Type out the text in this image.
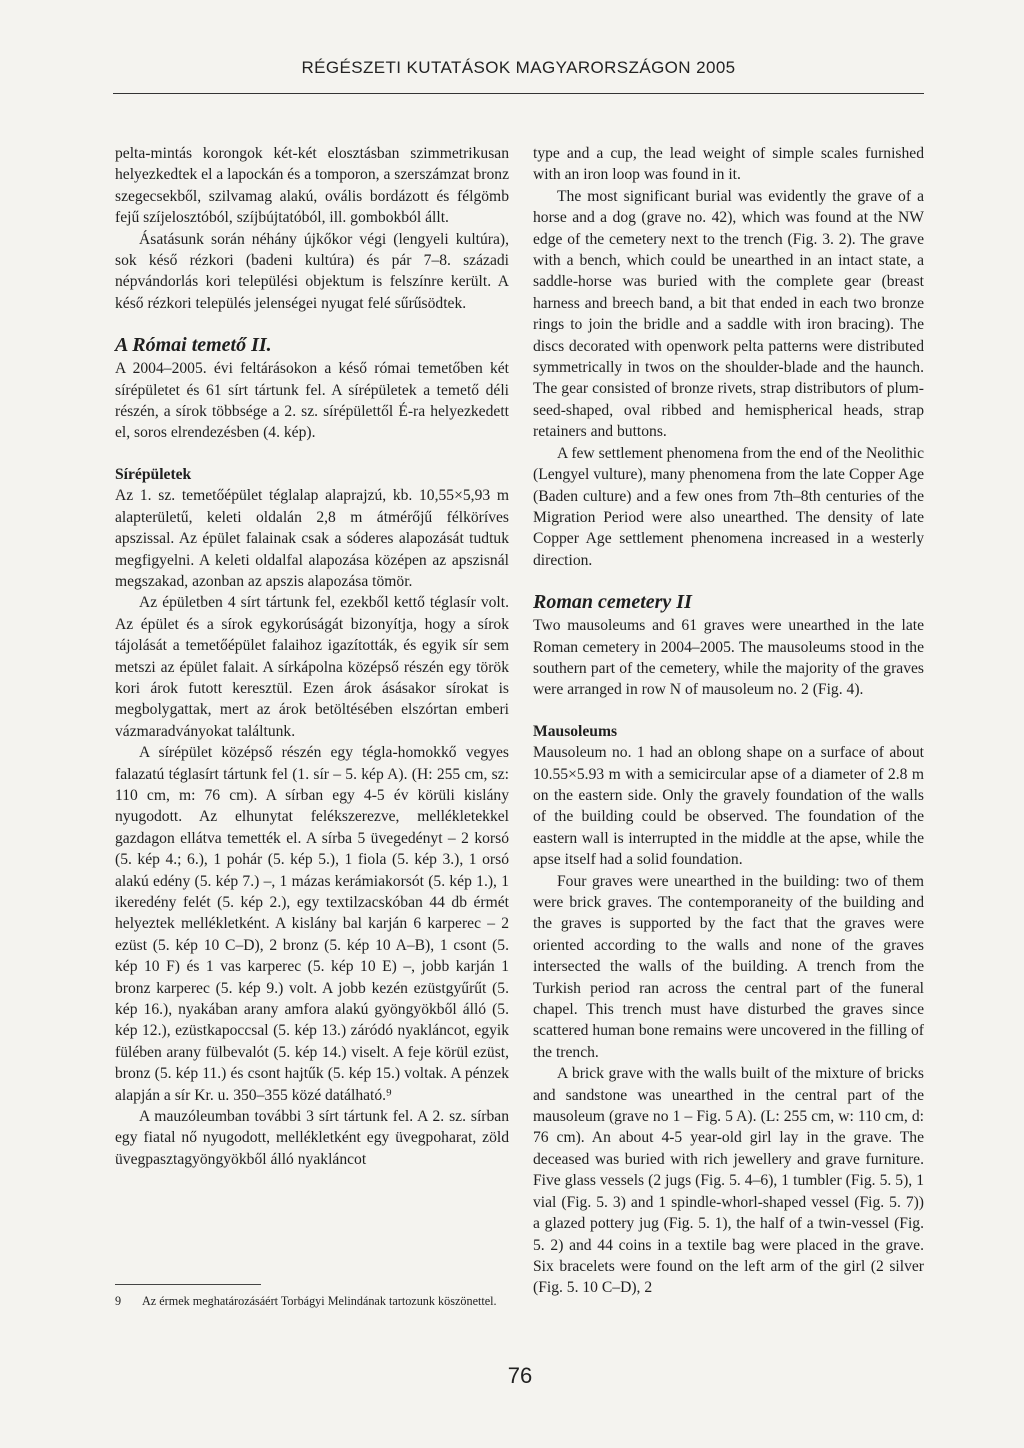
RÉGÉSZETI KUTATÁSOK MAGYARORSZÁGON 2005

pelta-mintás korongok két-két elosztásban szimmetrikusan helyezkedtek el a lapockán és a tomporon, a szerszámzat bronz szegecsekből, szilvamag alakú, ovális bordázott és félgömb fejű szíjelosztóból, szíjbújtatóból, ill. gombokból állt.

Ásatásunk során néhány újkőkor végi (lengyeli kultúra), sok késő rézkori (badeni kultúra) és pár 7–8. századi népvándorlás kori települési objektum is felszínre került. A késő rézkori település jelenségei nyugat felé sűrűsödtek.

A Római temető II.

A 2004–2005. évi feltárásokon a késő római temetőben két sírépületet és 61 sírt tártunk fel. A sírépületek a temető déli részén, a sírok többsége a 2. sz. sírépülettől É-ra helyezkedett el, soros elrendezésben (4. kép).

Sírépületek

Az 1. sz. temetőépület téglalap alaprajzú, kb. 10,55×5,93 m alapterületű, keleti oldalán 2,8 m átmérőjű félköríves apszissal. Az épület falainak csak a sóderes alapozását tudtuk megfigyelni. A keleti oldalfal alapozása középen az apszisnál megszakad, azonban az apszis alapozása tömör.

Az épületben 4 sírt tártunk fel, ezekből kettő téglasír volt. Az épület és a sírok egykorúságát bizonyítja, hogy a sírok tájolását a temetőépület falaihoz igazították, és egyik sír sem metszi az épület falait. A sírkápolna középső részén egy török kori árok futott keresztül. Ezen árok ásásakor sírokat is megbolygattak, mert az árok betöltésében elszórtan emberi vázmaradványokat találtunk.

A sírépület középső részén egy tégla-homokkő vegyes falazatú téglasírt tártunk fel (1. sír – 5. kép A). (H: 255 cm, sz: 110 cm, m: 76 cm). A sírban egy 4-5 év körüli kislány nyugodott. Az elhunytat felékszerezve, mellékletekkel gazdagon ellátva temették el. A sírba 5 üvegedényt – 2 korsó (5. kép 4.; 6.), 1 pohár (5. kép 5.), 1 fiola (5. kép 3.), 1 orsó alakú edény (5. kép 7.) –, 1 mázas kerámiakorsót (5. kép 1.), 1 ikeredény felét (5. kép 2.), egy textilzacskóban 44 db érmét helyeztek mellékletként. A kislány bal karján 6 karperec – 2 ezüst (5. kép 10 C–D), 2 bronz (5. kép 10 A–B), 1 csont (5. kép 10 F) és 1 vas karperec (5. kép 10 E) –, jobb karján 1 bronz karperec (5. kép 9.) volt. A jobb kezén ezüstgyűrűt (5. kép 16.), nyakában arany amfora alakú gyöngyökből álló (5. kép 12.), ezüstkapoccsal (5. kép 13.) záródó nyakláncot, egyik fülében arany fülbevalót (5. kép 14.) viselt. A feje körül ezüst, bronz (5. kép 11.) és csont hajtűk (5. kép 15.) voltak. A pénzek alapján a sír Kr. u. 350–355 közé datálható.⁹

A mauzóleumban további 3 sírt tártunk fel. A 2. sz. sírban egy fiatal nő nyugodott, mellékletként egy üvegpoharat, zöld üvegpasztagyöngyökből álló nyakláncot

type and a cup, the lead weight of simple scales furnished with an iron loop was found in it.

The most significant burial was evidently the grave of a horse and a dog (grave no. 42), which was found at the NW edge of the cemetery next to the trench (Fig. 3. 2). The grave with a bench, which could be unearthed in an intact state, a saddle-horse was buried with the complete gear (breast harness and breech band, a bit that ended in each two bronze rings to join the bridle and a saddle with iron bracing). The discs decorated with openwork pelta patterns were distributed symmetrically in twos on the shoulder-blade and the haunch. The gear consisted of bronze rivets, strap distributors of plum-seed-shaped, oval ribbed and hemispherical heads, strap retainers and buttons.

A few settlement phenomena from the end of the Neolithic (Lengyel vulture), many phenomena from the late Copper Age (Baden culture) and a few ones from 7th–8th centuries of the Migration Period were also unearthed. The density of late Copper Age settlement phenomena increased in a westerly direction.

Roman cemetery II

Two mausoleums and 61 graves were unearthed in the late Roman cemetery in 2004–2005. The mausoleums stood in the southern part of the cemetery, while the majority of the graves were arranged in row N of mausoleum no. 2 (Fig. 4).

Mausoleums

Mausoleum no. 1 had an oblong shape on a surface of about 10.55×5.93 m with a semicircular apse of a diameter of 2.8 m on the eastern side. Only the gravely foundation of the walls of the building could be observed. The foundation of the eastern wall is interrupted in the middle at the apse, while the apse itself had a solid foundation.

Four graves were unearthed in the building: two of them were brick graves. The contemporaneity of the building and the graves is supported by the fact that the graves were oriented according to the walls and none of the graves intersected the walls of the building. A trench from the Turkish period ran across the central part of the funeral chapel. This trench must have disturbed the graves since scattered human bone remains were uncovered in the filling of the trench.

A brick grave with the walls built of the mixture of bricks and sandstone was unearthed in the central part of the mausoleum (grave no 1 – Fig. 5 A). (L: 255 cm, w: 110 cm, d: 76 cm). An about 4-5 year-old girl lay in the grave. The deceased was buried with rich jewellery and grave furniture. Five glass vessels (2 jugs (Fig. 5. 4–6), 1 tumbler (Fig. 5. 5), 1 vial (Fig. 5. 3) and 1 spindle-whorl-shaped vessel (Fig. 5. 7)) a glazed pottery jug (Fig. 5. 1), the half of a twin-vessel (Fig. 5. 2) and 44 coins in a textile bag were placed in the grave. Six bracelets were found on the left arm of the girl (2 silver (Fig. 5. 10 C–D), 2

9 Az érmek meghatározásáért Torbágyi Melindának tartozunk köszönettel.
76
